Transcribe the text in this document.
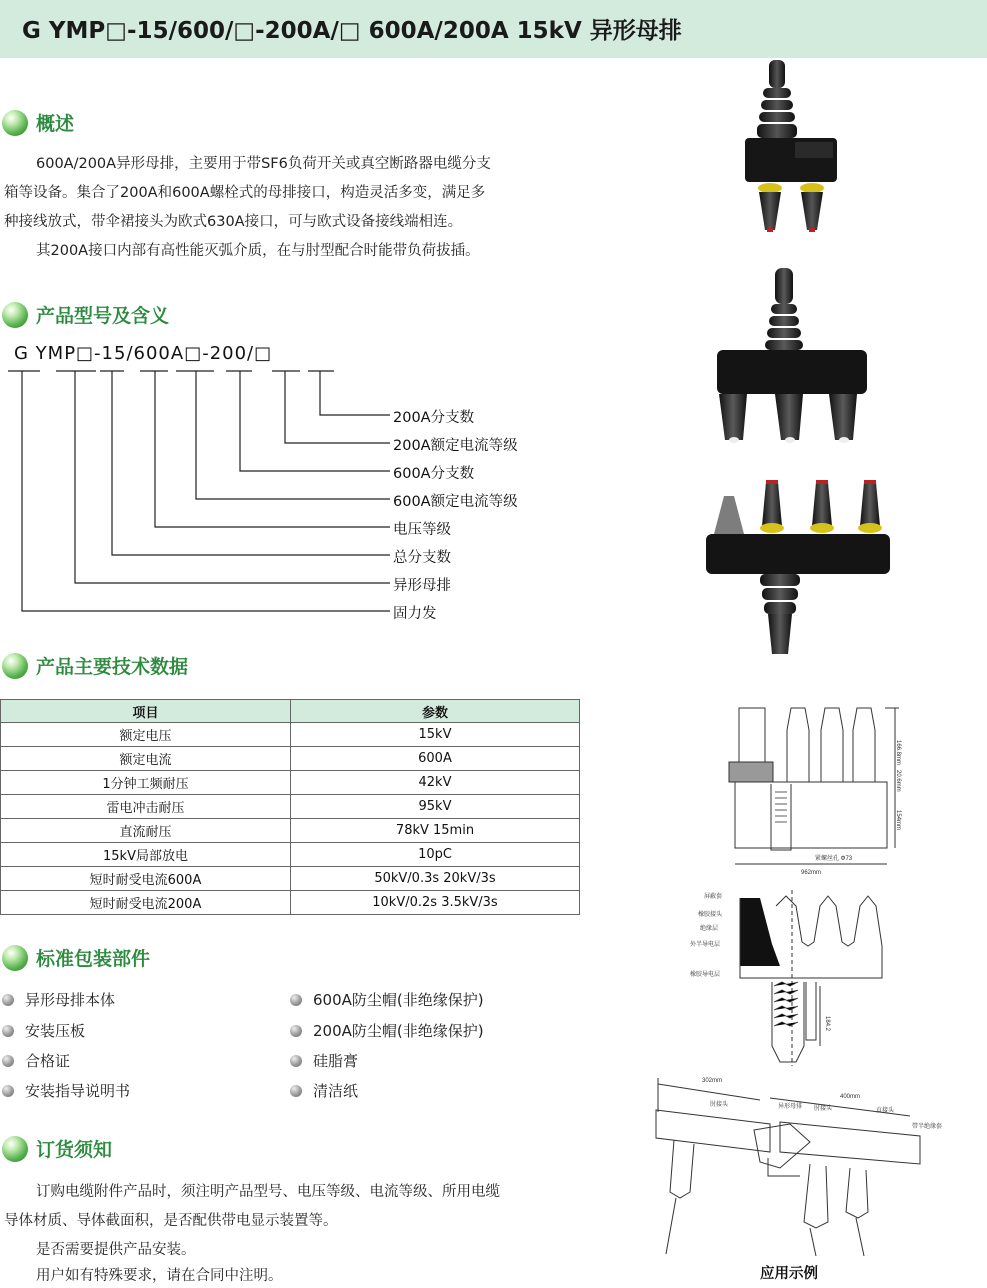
G YMP□-15/600/□-200A/□ 600A/200A 15kV 异形母排
概述
600A/200A异形母排，主要用于带SF6负荷开关或真空断路器电缆分支
箱等设备。集合了200A和600A螺栓式的母排接口，构造灵活多变，满足多
种接线放式，带伞裙接头为欧式630A接口，可与欧式设备接线端相连。
其200A接口内部有高性能灭弧介质，在与肘型配合时能带负荷拔插。
产品型号及含义
G YMP□-15/600A□-200/□
200A分支数
200A额定电流等级
600A分支数
600A额定电流等级
电压等级
总分支数
异形母排
固力发
产品主要技术数据
项目	参数
额定电压	15kV
额定电流	600A
1分钟工频耐压	42kV
雷电冲击耐压	95kV
直流耐压	78kV 15min
15kV局部放电	10pC
短时耐受电流600A	50kV/0.3s 20kV/3s
短时耐受电流200A	10kV/0.2s 3.5kV/3s
标准包装部件
异形母排本体
安装压板
合格证
安装指导说明书
600A防尘帽(非绝缘保护)
200A防尘帽(非绝缘保护)
硅脂膏
清洁纸
订货须知
订购电缆附件产品时，须注明产品型号、电压等级、电流等级、所用电缆
导体材质、导体截面积，是否配供带电显示装置等。
是否需要提供产品安装。
用户如有特殊要求，请在合同中注明。
166.8mm
20.6mm
154mm
紧螺丝孔 Φ73
962mm
屏蔽套
橡胶接头
绝缘层
外半导电层
橡胶导电层
184.2
302mm
400mm
肘接头	异形母排 肘接头	直接头
带半绝缘套
应用示例
